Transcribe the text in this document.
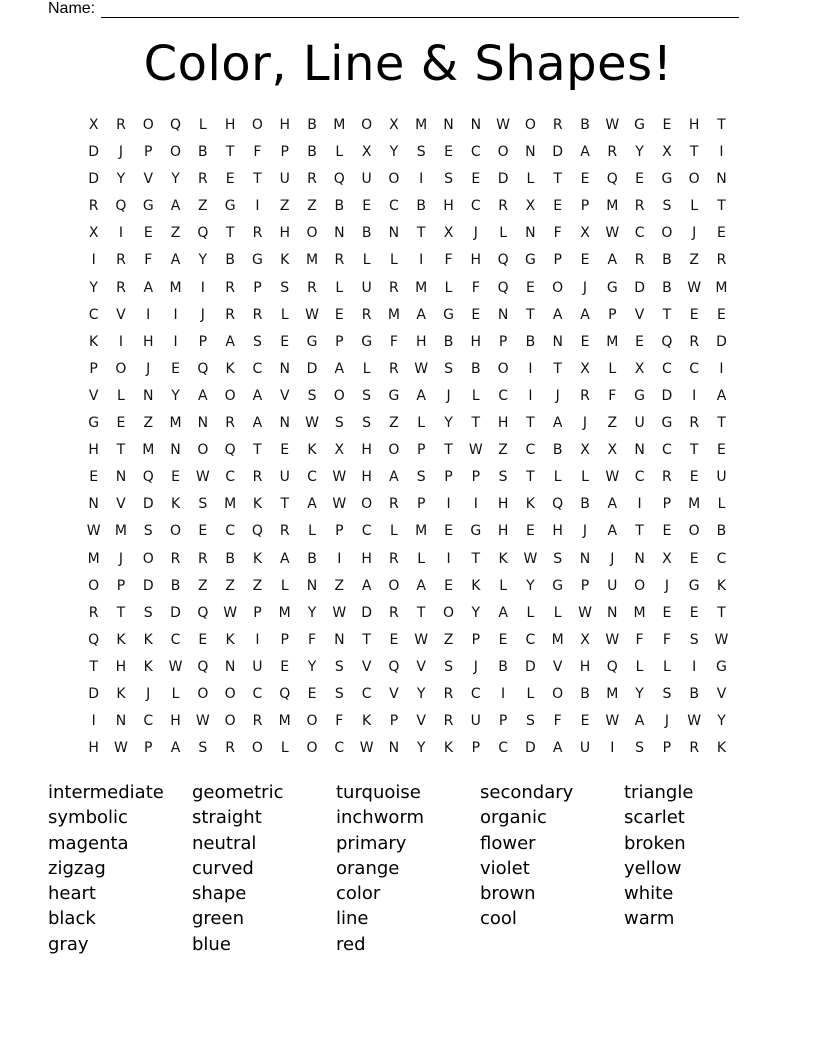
Name:
Color, Line & Shapes!
X	R	O	Q	L	H	O	H	B	M	O	X	M	N	N	W	O	R	B	W	G	E	H	T
D	J	P	O	B	T	F	P	B	L	X	Y	S	E	C	O	N	D	A	R	Y	X	T	I
D	Y	V	Y	R	E	T	U	R	Q	U	O	I	S	E	D	L	T	E	Q	E	G	O	N
R	Q	G	A	Z	G	I	Z	Z	B	E	C	B	H	C	R	X	E	P	M	R	S	L	T
X	I	E	Z	Q	T	R	H	O	N	B	N	T	X	J	L	N	F	X	W	C	O	J	E
I	R	F	A	Y	B	G	K	M	R	L	L	I	F	H	Q	G	P	E	A	R	B	Z	R
Y	R	A	M	I	R	P	S	R	L	U	R	M	L	F	Q	E	O	J	G	D	B	W	M
C	V	I	I	J	R	R	L	W	E	R	M	A	G	E	N	T	A	A	P	V	T	E	E
K	I	H	I	P	A	S	E	G	P	G	F	H	B	H	P	B	N	E	M	E	Q	R	D
P	O	J	E	Q	K	C	N	D	A	L	R	W	S	B	O	I	T	X	L	X	C	C	I
V	L	N	Y	A	O	A	V	S	O	S	G	A	J	L	C	I	J	R	F	G	D	I	A
G	E	Z	M	N	R	A	N	W	S	S	Z	L	Y	T	H	T	A	J	Z	U	G	R	T
H	T	M	N	O	Q	T	E	K	X	H	O	P	T	W	Z	C	B	X	X	N	C	T	E
E	N	Q	E	W	C	R	U	C	W	H	A	S	P	P	S	T	L	L	W	C	R	E	U
N	V	D	K	S	M	K	T	A	W	O	R	P	I	I	H	K	Q	B	A	I	P	M	L
W	M	S	O	E	C	Q	R	L	P	C	L	M	E	G	H	E	H	J	A	T	E	O	B
M	J	O	R	R	B	K	A	B	I	H	R	L	I	T	K	W	S	N	J	N	X	E	C
O	P	D	B	Z	Z	Z	L	N	Z	A	O	A	E	K	L	Y	G	P	U	O	J	G	K
R	T	S	D	Q	W	P	M	Y	W	D	R	T	O	Y	A	L	L	W	N	M	E	E	T
Q	K	K	C	E	K	I	P	F	N	T	E	W	Z	P	E	C	M	X	W	F	F	S	W
T	H	K	W	Q	N	U	E	Y	S	V	Q	V	S	J	B	D	V	H	Q	L	L	I	G
D	K	J	L	O	O	C	Q	E	S	C	V	Y	R	C	I	L	O	B	M	Y	S	B	V
I	N	C	H	W	O	R	M	O	F	K	P	V	R	U	P	S	F	E	W	A	J	W	Y
H	W	P	A	S	R	O	L	O	C	W	N	Y	K	P	C	D	A	U	I	S	P	R	K
intermediate	geometric	turquoise	secondary	triangle
symbolic	straight	inchworm	organic	scarlet
magenta	neutral	primary	flower	broken
zigzag	curved	orange	violet	yellow
heart	shape	color	brown	white
black	green	line	cool	warm
gray	blue	red
